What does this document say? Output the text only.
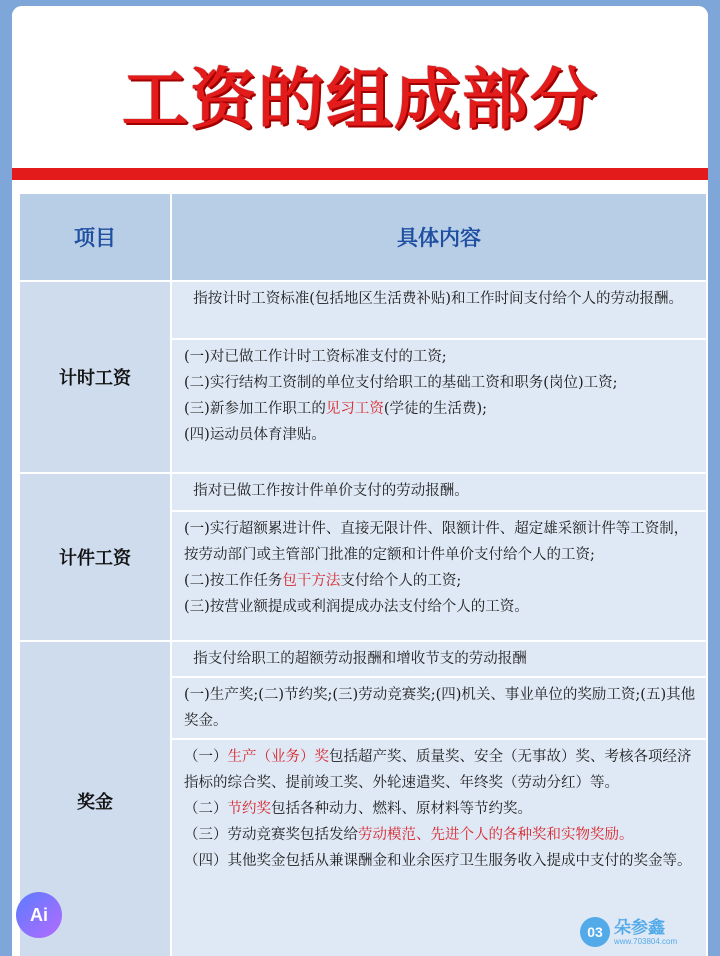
工资的组成部分
项目	具体内容
计时工资

指按计时工资标准(包括地区生活费补贴)和工作时间支付给个人的劳动报酬。

(一)对已做工作计时工资标准支付的工资;

(二)实行结构工资制的单位支付给职工的基础工资和职务(岗位)工资;

(三)新参加工作职工的见习工资(学徒的生活费);

(四)运动员体育津贴。

计件工资

指对已做工作按计件单价支付的劳动报酬。

(一)实行超额累进计件、直接无限计件、限额计件、超定雄采额计件等工资制，按劳动部门或主管部门批准的定额和计件单价支付给个人的工资;

(二)按工作任务包干方法支付给个人的工资;

(三)按营业额提成或利润提成办法支付给个人的工资。

奖金

指支付给职工的超额劳动报酬和增收节支的劳动报酬

(一)生产奖;(二)节约奖;(三)劳动竞赛奖;(四)机关、事业单位的奖励工资;(五)其他奖金。

（一）生产（业务）奖包括超产奖、质量奖、安全（无事故）奖、考核各项经济指标的综合奖、提前竣工奖、外轮速遣奖、年终奖（劳动分红）等。

（二）节约奖包括各种动力、燃料、原材料等节约奖。

（三）劳动竞赛奖包括发给劳动模范、先进个人的各种奖和实物奖励。

（四）其他奖金包括从兼课酬金和业余医疗卫生服务收入提成中支付的奖金等。

Ai
03 朵参鑫
www.703804.com
